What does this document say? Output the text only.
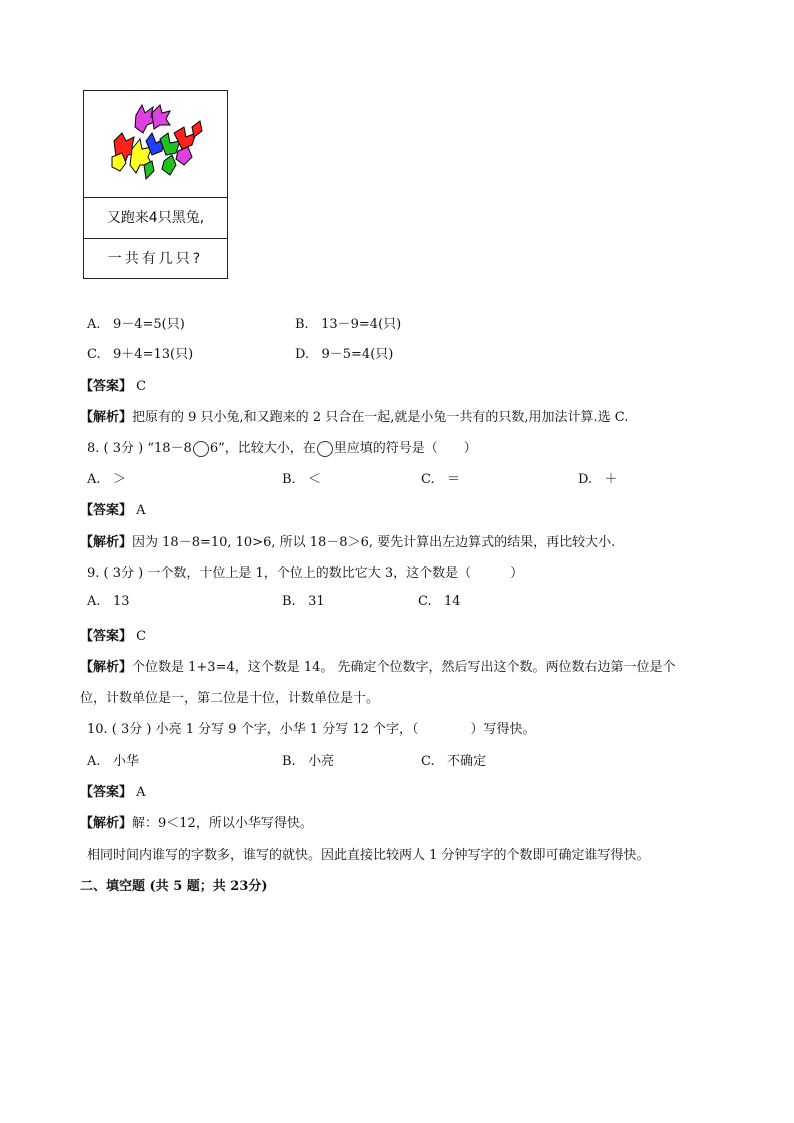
又跑来4只黑兔,
一共有几只?
A. 9－4=5(只)	B. 13－9=4(只)
C. 9＋4=13(只)	D. 9－5=4(只)
【答案】 C
【解析】把原有的 9 只小兔,和又跑来的 2 只合在一起,就是小兔一共有的只数,用加法计算.选 C.
8. ( 3分 ) “18－8 6”，比较大小，在 里应填的符号是（　　）
A. ＞	B. ＜	C. ＝	D. ＋
【答案】 A
【解析】因为 18－8=10, 10>6, 所以 18－8＞6, 要先计算出左边算式的结果，再比较大小.
9. ( 3分 ) 一个数，十位上是 1，个位上的数比它大 3，这个数是（　　　）
A. 13	B. 31	C. 14
【答案】 C
【解析】个位数是 1+3=4，这个数是 14。 先确定个位数字，然后写出这个数。两位数右边第一位是个
位，计数单位是一，第二位是十位，计数单位是十。
10. ( 3分 ) 小亮 1 分写 9 个字，小华 1 分写 12 个字，（　　　　）写得快。
A. 小华	B. 小亮	C. 不确定
【答案】 A
【解析】解：9＜12，所以小华写得快。
相同时间内谁写的字数多，谁写的就快。因此直接比较两人 1 分钟写字的个数即可确定谁写得快。
二、填空题 (共 5 题；共 23分)
